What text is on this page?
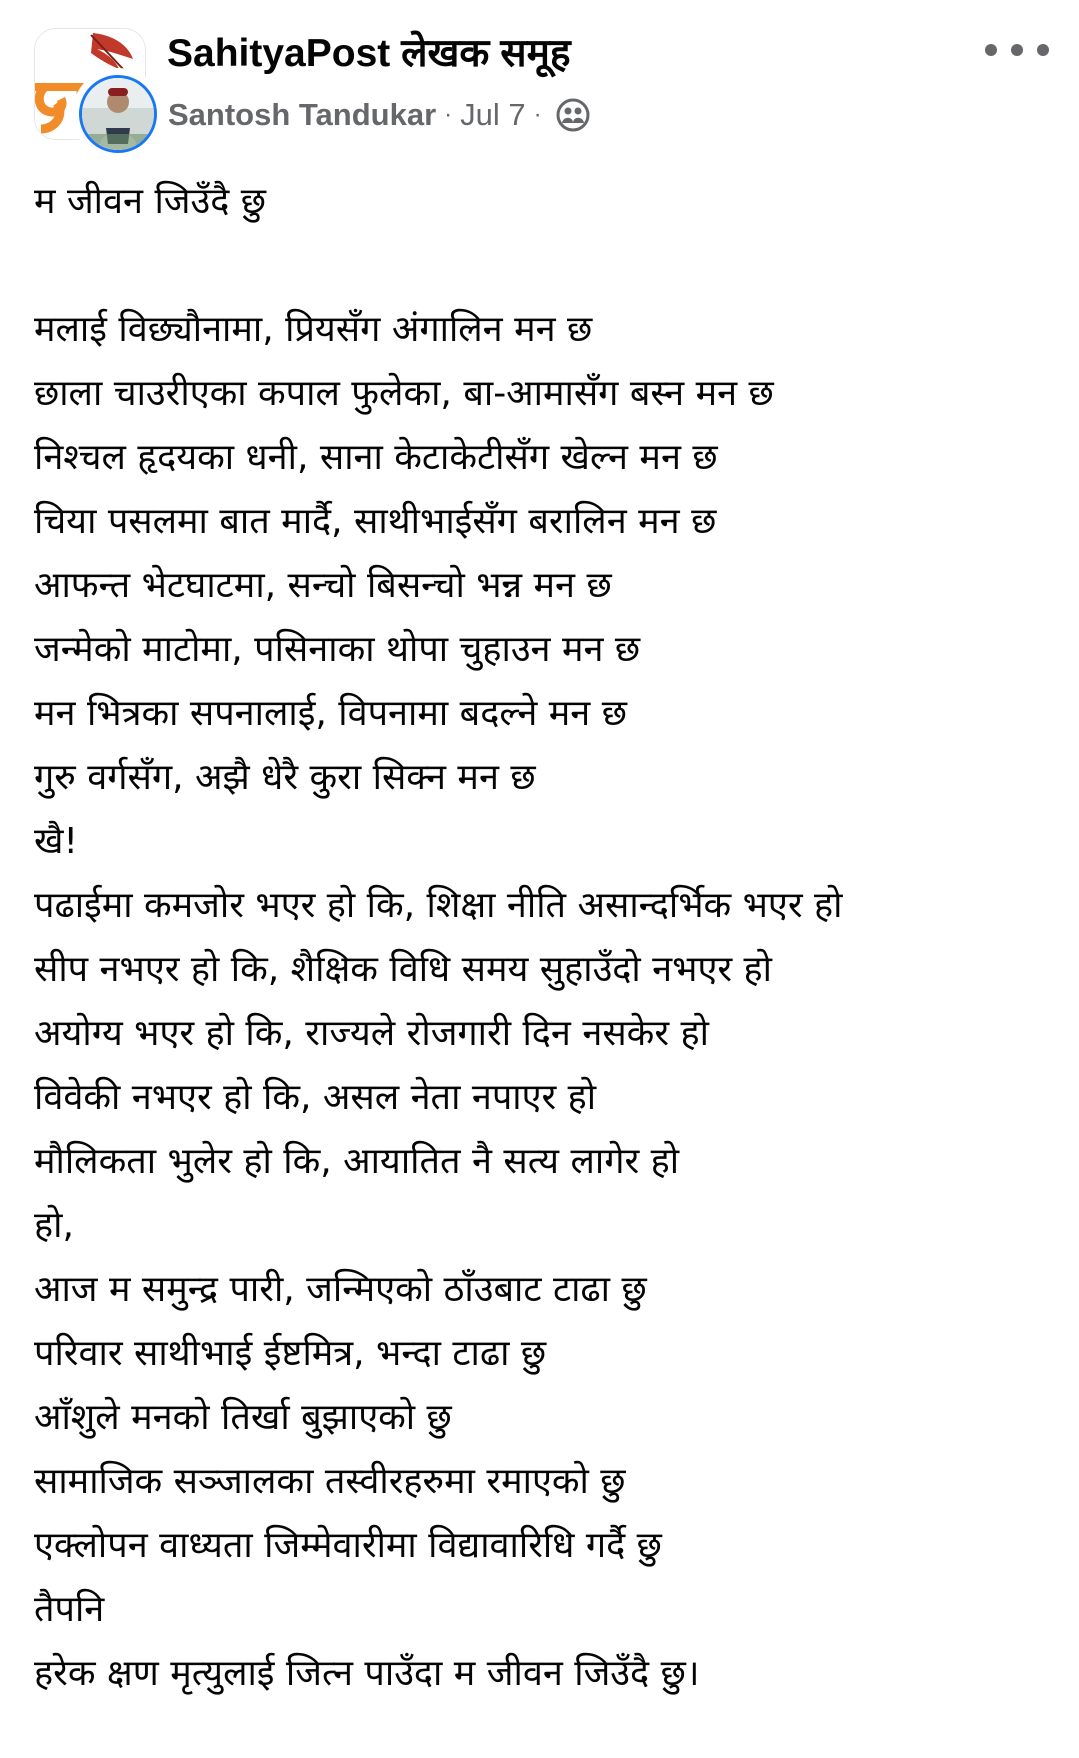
SahityaPost लेखक समूह
Santosh Tandukar · Jul 7 ·
म जीवन जिउँदै छु
मलाई विछ्यौनामा, प्रियसँग अंगालिन मन छ
छाला चाउरीएका कपाल फुलेका, बा-आमासँग बस्न मन छ
निश्चल हृदयका धनी, साना केटाकेटीसँग खेल्न मन छ
चिया पसलमा बात मार्दै, साथीभाईसँग बरालिन मन छ
आफन्त भेटघाटमा, सन्चो बिसन्चो भन्न मन छ
जन्मेको माटोमा, पसिनाका थोपा चुहाउन मन छ
मन भित्रका सपनालाई, विपनामा बदल्ने मन छ
गुरु वर्गसँग, अझै धेरै कुरा सिक्न मन छ
खै!
पढाईमा कमजोर भएर हो कि, शिक्षा नीति असान्दर्भिक भएर हो
सीप नभएर हो कि, शैक्षिक विधि समय सुहाउँदो नभएर हो
अयोग्य भएर हो कि, राज्यले रोजगारी दिन नसकेर हो
विवेकी नभएर हो कि, असल नेता नपाएर हो
मौलिकता भुलेर हो कि, आयातित नै सत्य लागेर हो
हो,
आज म समुन्द्र पारी, जन्मिएको ठाँउबाट टाढा छु
परिवार साथीभाई ईष्टमित्र, भन्दा टाढा छु
आँशुले मनको तिर्खा बुझाएको छु
सामाजिक सञ्जालका तस्वीरहरुमा रमाएको छु
एक्लोपन वाध्यता जिम्मेवारीमा विद्यावारिधि गर्दै छु
तैपनि
हरेक क्षण मृत्युलाई जित्न पाउँदा म जीवन जिउँदै छु।
